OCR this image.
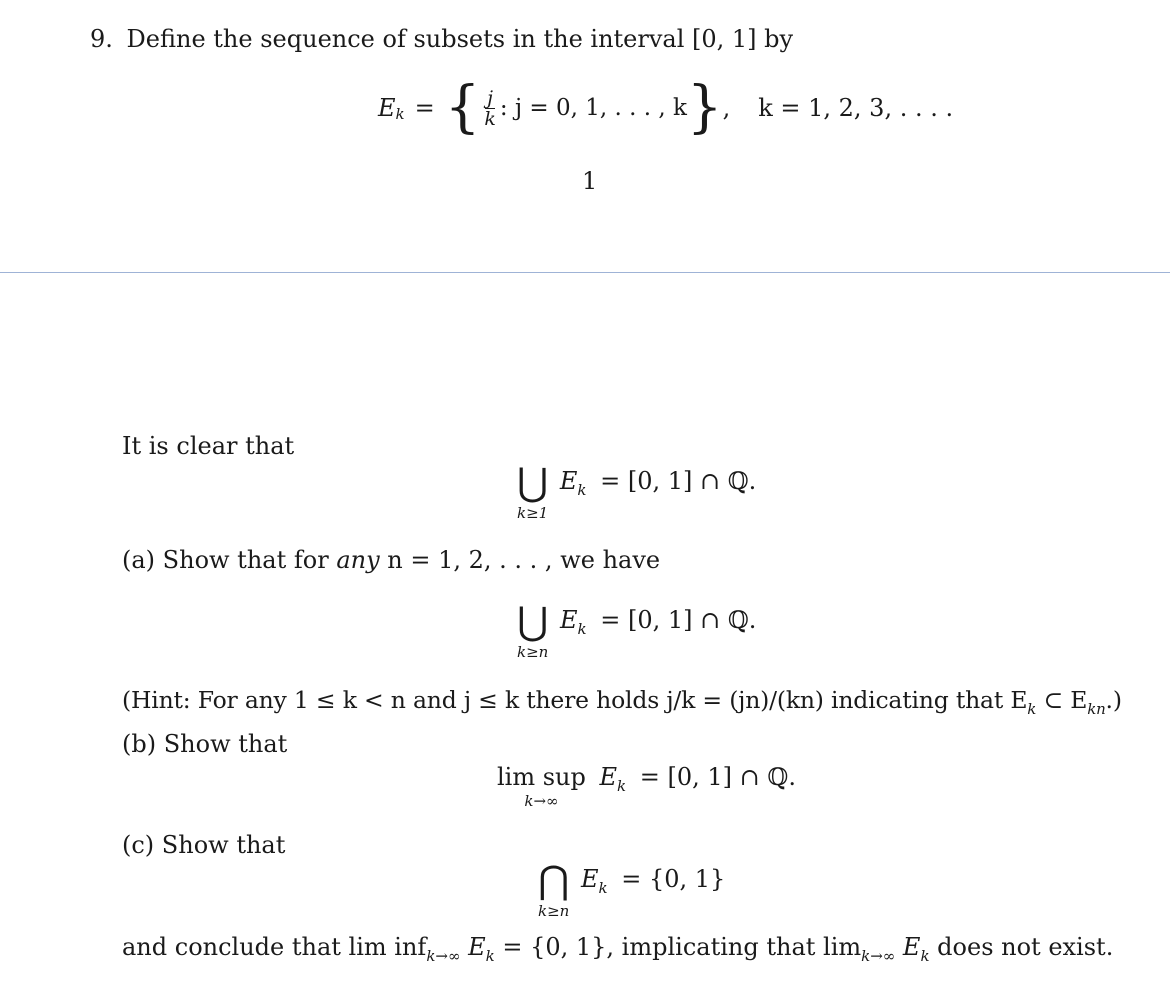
9. Define the sequence of subsets in the interval [0, 1] by
E k = { $\frac{j}{k}$ : j = 0, 1, . . . , k } , k = 1, 2, 3, . . . .
1
It is clear that
⋃
k≥1
$E_k = [0$, 1] ∩ ℚ.
(a) Show that for any n = 1, 2, . . . , we have
⋃
k≥n
$E_k = [0$, 1] ∩ ℚ.
(Hint: For any 1 ≤ k < n and j ≤ k there holds j/k = (jn)/(kn) indicating that $E_k$ ⊂ $E_{kn}$.)
(b) Show that
lim sup
k→∞
$E_k = [0$, 1] ∩ ℚ.
(c) Show that
⋂
k≥n
$E_k = \{0$, 1}
and conclude that lim inf$_{k\to\infty}$ $E_k = \{0$, 1}, implicating that $\lim_{k\to\infty} E_k$ does not exist.
